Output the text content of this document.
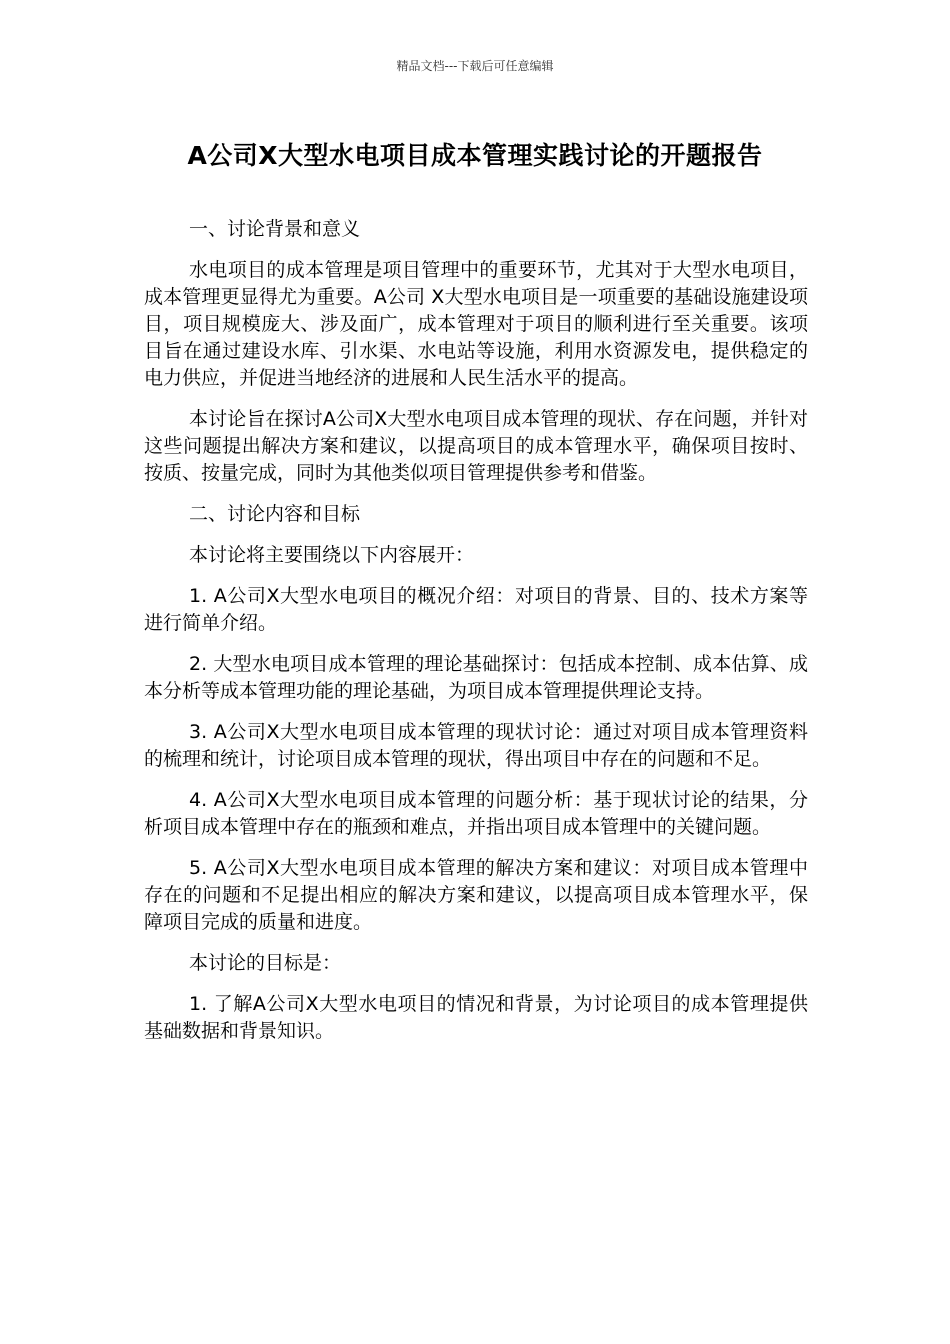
精品文档---下载后可任意编辑
A公司X大型水电项目成本管理实践讨论的开题报告

一、讨论背景和意义

水电项目的成本管理是项目管理中的重要环节，尤其对于大型水电项目，成本管理更显得尤为重要。A公司 X大型水电项目是一项重要的基础设施建设项目，项目规模庞大、涉及面广，成本管理对于项目的顺利进行至关重要。该项目旨在通过建设水库、引水渠、水电站等设施，利用水资源发电，提供稳定的电力供应，并促进当地经济的进展和人民生活水平的提高。

本讨论旨在探讨A公司X大型水电项目成本管理的现状、存在问题，并针对这些问题提出解决方案和建议，以提高项目的成本管理水平，确保项目按时、按质、按量完成，同时为其他类似项目管理提供参考和借鉴。

二、讨论内容和目标

本讨论将主要围绕以下内容展开：

1. A公司X大型水电项目的概况介绍：对项目的背景、目的、技术方案等进行简单介绍。

2. 大型水电项目成本管理的理论基础探讨：包括成本控制、成本估算、成本分析等成本管理功能的理论基础，为项目成本管理提供理论支持。

3. A公司X大型水电项目成本管理的现状讨论：通过对项目成本管理资料的梳理和统计，讨论项目成本管理的现状，得出项目中存在的问题和不足。

4. A公司X大型水电项目成本管理的问题分析：基于现状讨论的结果，分析项目成本管理中存在的瓶颈和难点，并指出项目成本管理中的关键问题。

5. A公司X大型水电项目成本管理的解决方案和建议：对项目成本管理中存在的问题和不足提出相应的解决方案和建议，以提高项目成本管理水平，保障项目完成的质量和进度。

本讨论的目标是：

1. 了解A公司X大型水电项目的情况和背景，为讨论项目的成本管理提供基础数据和背景知识。
